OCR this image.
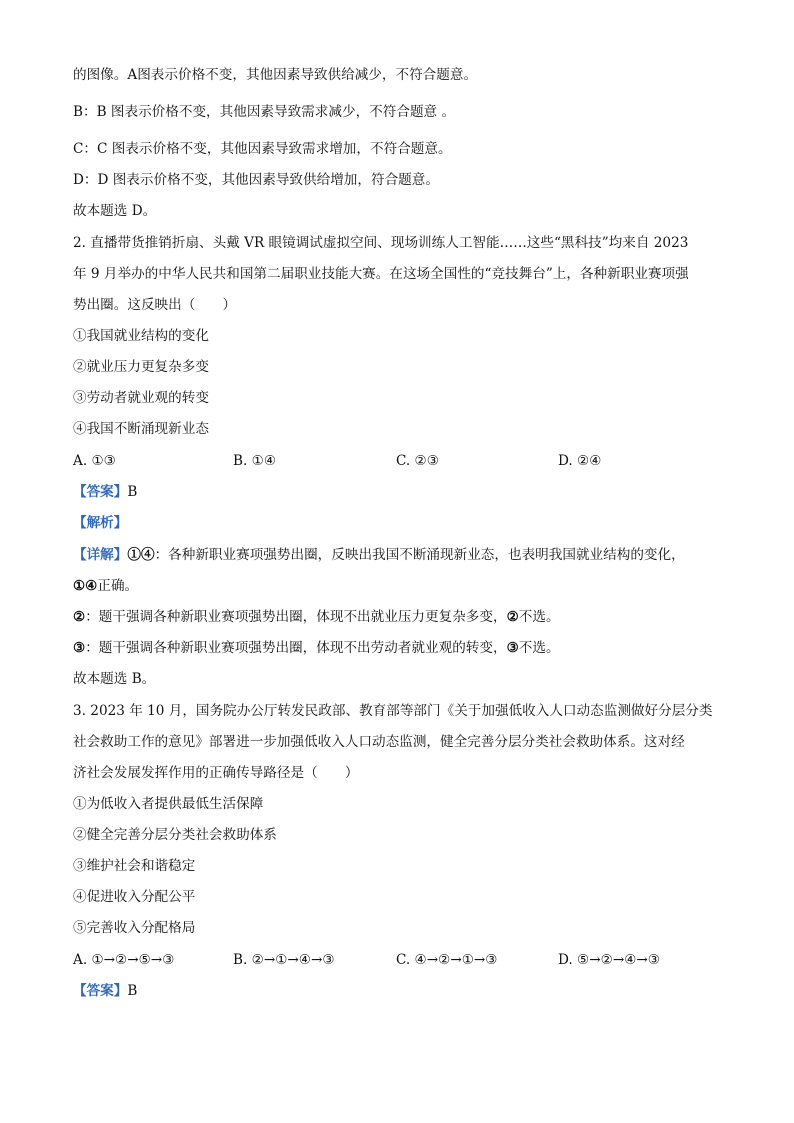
的图像。A图表示价格不变，其他因素导致供给减少，不符合题意。
B：B 图表示价格不变，其他因素导致需求减少，不符合题意 。
C：C 图表示价格不变，其他因素导致需求增加，不符合题意。
D：D 图表示价格不变，其他因素导致供给增加，符合题意。
故本题选 D。
2. 直播带货推销折扇、头戴 VR 眼镜调试虚拟空间、现场训练人工智能……这些“黑科技”均来自 2023
年 9 月举办的中华人民共和国第二届职业技能大赛。在这场全国性的“竞技舞台”上，各种新职业赛项强
势出圈。这反映出（　　）
①我国就业结构的变化
②就业压力更复杂多变
③劳动者就业观的转变
④我国不断涌现新业态
A. ①③	B. ①④	C. ②③	D. ②④
【答案】B
【解析】
【详解】①④：各种新职业赛项强势出圈，反映出我国不断涌现新业态，也表明我国就业结构的变化，
①④正确。
②：题干强调各种新职业赛项强势出圈，体现不出就业压力更复杂多变，②不选。
③：题干强调各种新职业赛项强势出圈，体现不出劳动者就业观的转变，③不选。
故本题选 B。
3. 2023 年 10 月，国务院办公厅转发民政部、教育部等部门《关于加强低收入人口动态监测做好分层分类
社会救助工作的意见》部署进一步加强低收入人口动态监测，健全完善分层分类社会救助体系。这对经
济社会发展发挥作用的正确传导路径是（　　）
①为低收入者提供最低生活保障
②健全完善分层分类社会救助体系
③维护社会和谐稳定
④促进收入分配公平
⑤完善收入分配格局
A. ①→②→⑤→③	B. ②→①→④→③	C. ④→②→①→③	D. ⑤→②→④→③
【答案】B
